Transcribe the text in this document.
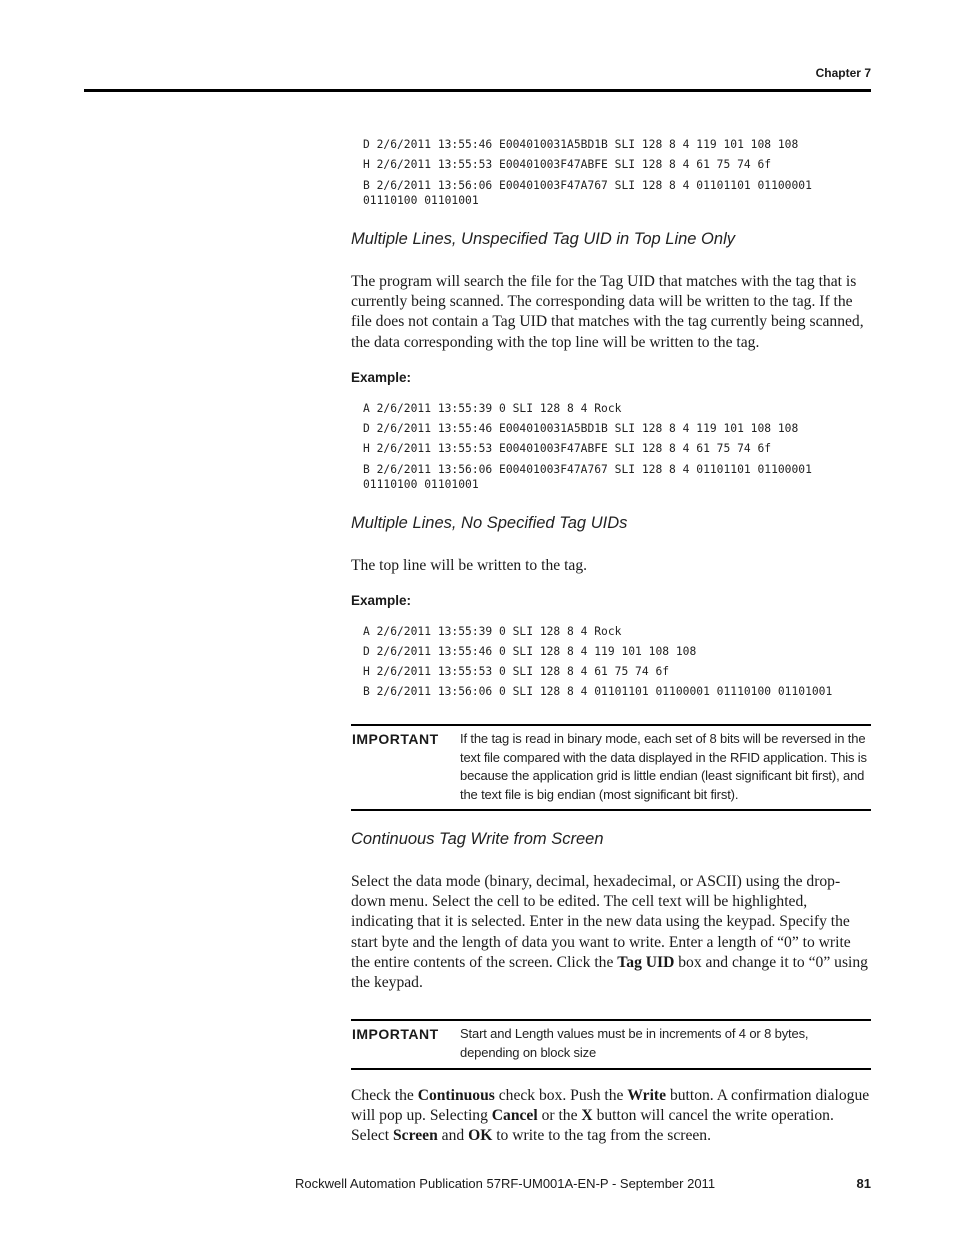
Chapter 7
D 2/6/2011 13:55:46 E004010031A5BD1B SLI 128 8 4 119 101 108 108
H 2/6/2011 13:55:53 E00401003F47ABFE SLI 128 8 4 61 75 74 6f
B 2/6/2011 13:56:06 E00401003F47A767 SLI 128 8 4 01101101 01100001 01110100 01101001
Multiple Lines, Unspecified Tag UID in Top Line Only
The program will search the file for the Tag UID that matches with the tag that is currently being scanned. The corresponding data will be written to the tag. If the file does not contain a Tag UID that matches with the tag currently being scanned, the data corresponding with the top line will be written to the tag.
Example:
A 2/6/2011 13:55:39 0 SLI 128 8 4 Rock
D 2/6/2011 13:55:46 E004010031A5BD1B SLI 128 8 4 119 101 108 108
H 2/6/2011 13:55:53 E00401003F47ABFE SLI 128 8 4 61 75 74 6f
B 2/6/2011 13:56:06 E00401003F47A767 SLI 128 8 4 01101101 01100001 01110100 01101001
Multiple Lines, No Specified Tag UIDs
The top line will be written to the tag.
Example:
A 2/6/2011 13:55:39 0 SLI 128 8 4 Rock
D 2/6/2011 13:55:46 0 SLI 128 8 4 119 101 108 108
H 2/6/2011 13:55:53 0 SLI 128 8 4 61 75 74 6f
B 2/6/2011 13:56:06 0 SLI 128 8 4 01101101 01100001 01110100 01101001
IMPORTANT If the tag is read in binary mode, each set of 8 bits will be reversed in the text file compared with the data displayed in the RFID application. This is because the application grid is little endian (least significant bit first), and the text file is big endian (most significant bit first).
Continuous Tag Write from Screen
Select the data mode (binary, decimal, hexadecimal, or ASCII) using the drop-down menu. Select the cell to be edited. The cell text will be highlighted, indicating that it is selected. Enter in the new data using the keypad. Specify the start byte and the length of data you want to write. Enter a length of “0” to write the entire contents of the screen. Click the Tag UID box and change it to “0” using the keypad.
IMPORTANT Start and Length values must be in increments of 4 or 8 bytes, depending on block size
Check the Continuous check box. Push the Write button. A confirmation dialogue will pop up. Selecting Cancel or the X button will cancel the write operation. Select Screen and OK to write to the tag from the screen.
Rockwell Automation Publication 57RF-UM001A-EN-P - September 2011	81
